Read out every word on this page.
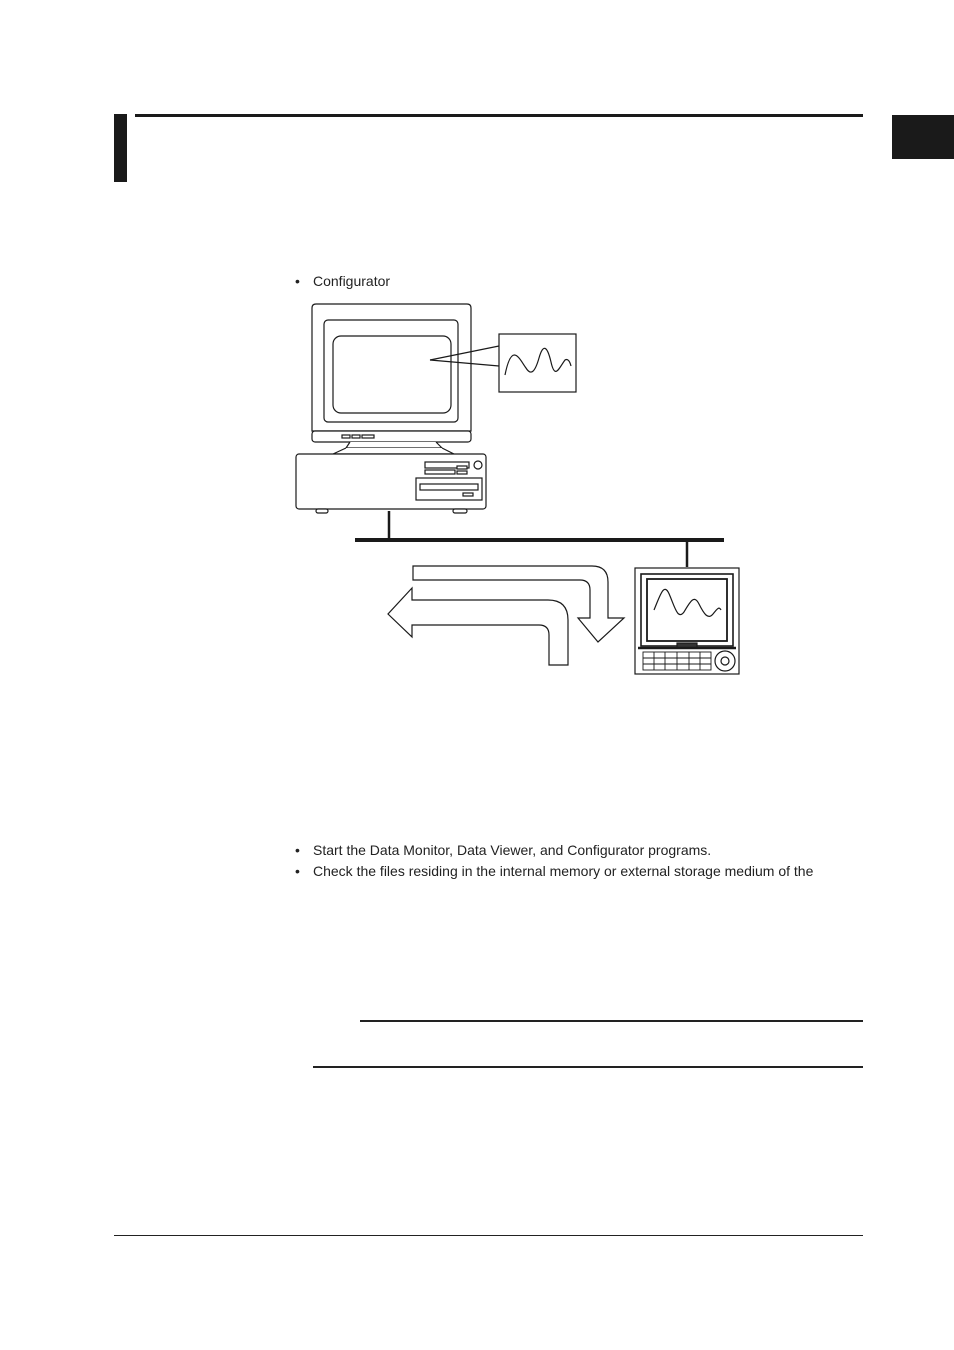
• Configurator
• Start the Data Monitor, Data Viewer, and Configurator programs.
• Check the files residing in the internal memory or external storage medium of the
